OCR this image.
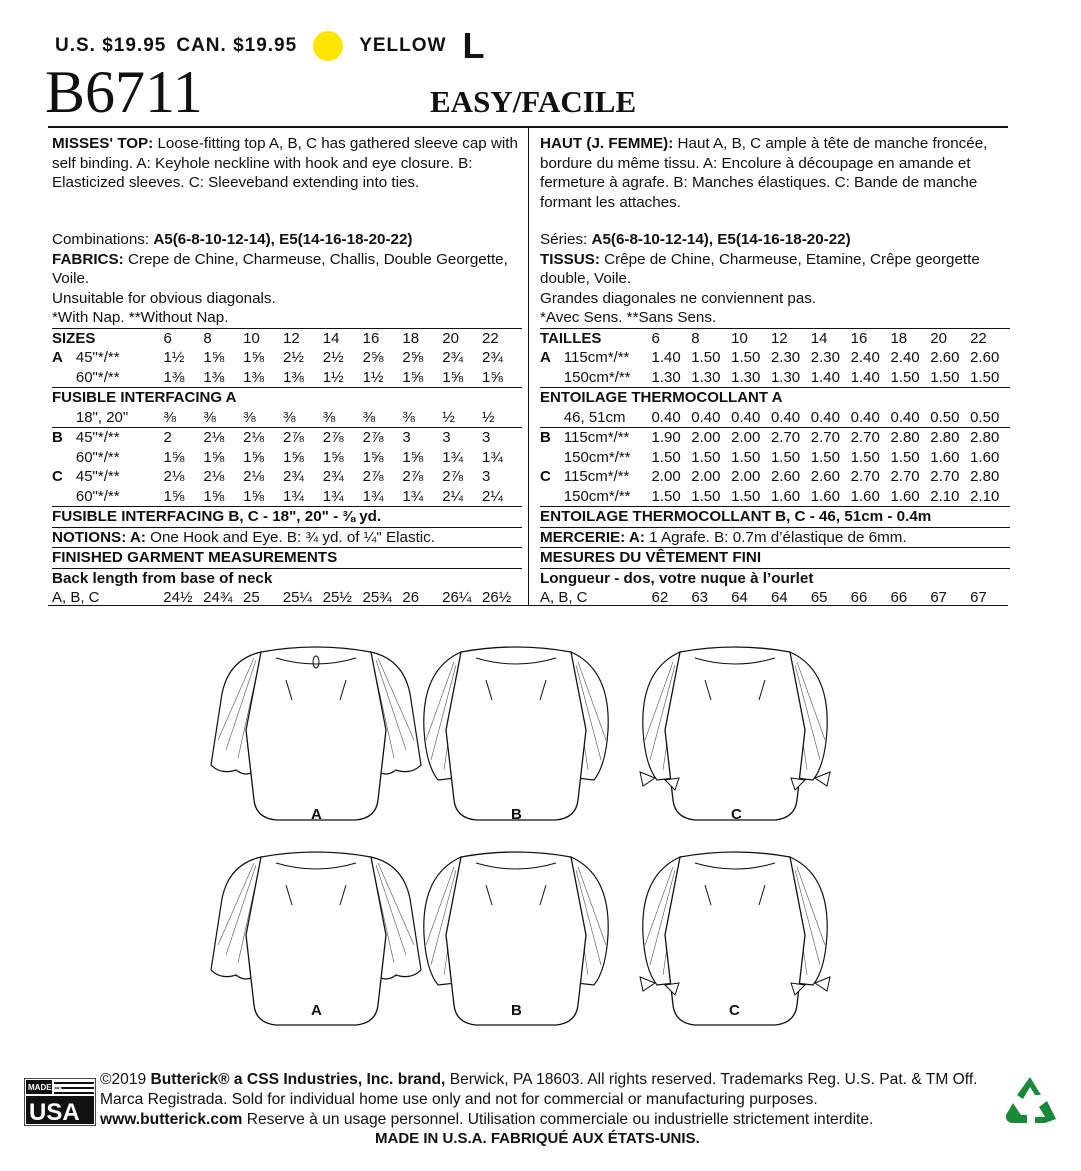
U.S. $19.95 CAN. $19.95	YELLOW L
B6711	EASY/FACILE

MISSES' TOP: Loose-fitting top A, B, C has gathered sleeve cap with self binding. A: Keyhole neckline with hook and eye closure. B: Elasticized sleeves. C: Sleeveband extending into ties.

Combinations: A5(6-8-10-12-14), E5(14-16-18-20-22)

FABRICS: Crepe de Chine, Charmeuse, Challis, Double Georgette, Voile.

Unsuitable for obvious diagonals.

*With Nap. **Without Nap.

SIZES		6	8	10	12	14	16	18	20	22
A	45"*/**	1½	1⅝	1⅝	2½	2½	2⅝	2⅝	2¾	2¾
	60"*/**	1⅜	1⅜	1⅜	1⅜	1½	1½	1⅝	1⅝	1⅝
FUSIBLE INTERFACING A										
	18", 20"	⅜	⅜	⅜	⅜	⅜	⅜	⅜	½	½
B	45"*/**	2	2⅛	2⅛	2⅞	2⅞	2⅞	3	3	3
	60"*/**	1⅝	1⅝	1⅝	1⅝	1⅝	1⅝	1⅝	1¾	1¾
C	45"*/**	2⅛	2⅛	2⅛	2¾	2¾	2⅞	2⅞	2⅞	3
	60"*/**	1⅝	1⅝	1⅝	1¾	1¾	1¾	1¾	2¼	2¼

FUSIBLE INTERFACING B, C - 18", 20" - ⅜ yd.

NOTIONS: A: One Hook and Eye. B: ¾ yd. of ¼" Elastic.

FINISHED GARMENT MEASUREMENTS

Back length from base of neck

A, B, C	24½	24¾	25	25¼	25½	25¾	26	26¼	26½

HAUT (J. FEMME): Haut A, B, C ample à tête de manche froncée, bordure du même tissu. A: Encolure à découpage en amande et fermeture à agrafe. B: Manches élastiques. C: Bande de manche formant les attaches.

Séries: A5(6-8-10-12-14), E5(14-16-18-20-22)

TISSUS: Crêpe de Chine, Charmeuse, Etamine, Crêpe georgette double, Voile.

Grandes diagonales ne conviennent pas.

*Avec Sens. **Sans Sens.

TAILLES		6	8	10	12	14	16	18	20	22
A	115cm*/**	1.40	1.50	1.50	2.30	2.30	2.40	2.40	2.60	2.60
	150cm*/**	1.30	1.30	1.30	1.30	1.40	1.40	1.50	1.50	1.50
ENTOILAGE THERMOCOLLANT A										
	46, 51cm	0.40	0.40	0.40	0.40	0.40	0.40	0.40	0.50	0.50
B	115cm*/**	1.90	2.00	2.00	2.70	2.70	2.70	2.80	2.80	2.80
	150cm*/**	1.50	1.50	1.50	1.50	1.50	1.50	1.50	1.60	1.60
C	115cm*/**	2.00	2.00	2.00	2.60	2.60	2.70	2.70	2.70	2.80
	150cm*/**	1.50	1.50	1.50	1.60	1.60	1.60	1.60	2.10	2.10

ENTOILAGE THERMOCOLLANT B, C - 46, 51cm - 0.4m

MERCERIE: A: 1 Agrafe. B: 0.7m d’élastique de 6mm.

MESURES DU VÊTEMENT FINI

Longueur - dos, votre nuque à l’ourlet

A, B, C	62	63	64	64	65	66	66	67	67
A	B	C
A	B	C
MADE IN
USA
©2019 Butterick® a CSS Industries, Inc. brand, Berwick, PA 18603. All rights reserved. Trademarks Reg. U.S. Pat. & TM Off. Marca Registrada. Sold for individual home use only and not for commercial or manufacturing purposes.
www.butterick.com Reserve à un usage personnel. Utilisation commerciale ou industrielle strictement interdite.
MADE IN U.S.A. FABRIQUÉ AUX ÉTATS-UNIS.
